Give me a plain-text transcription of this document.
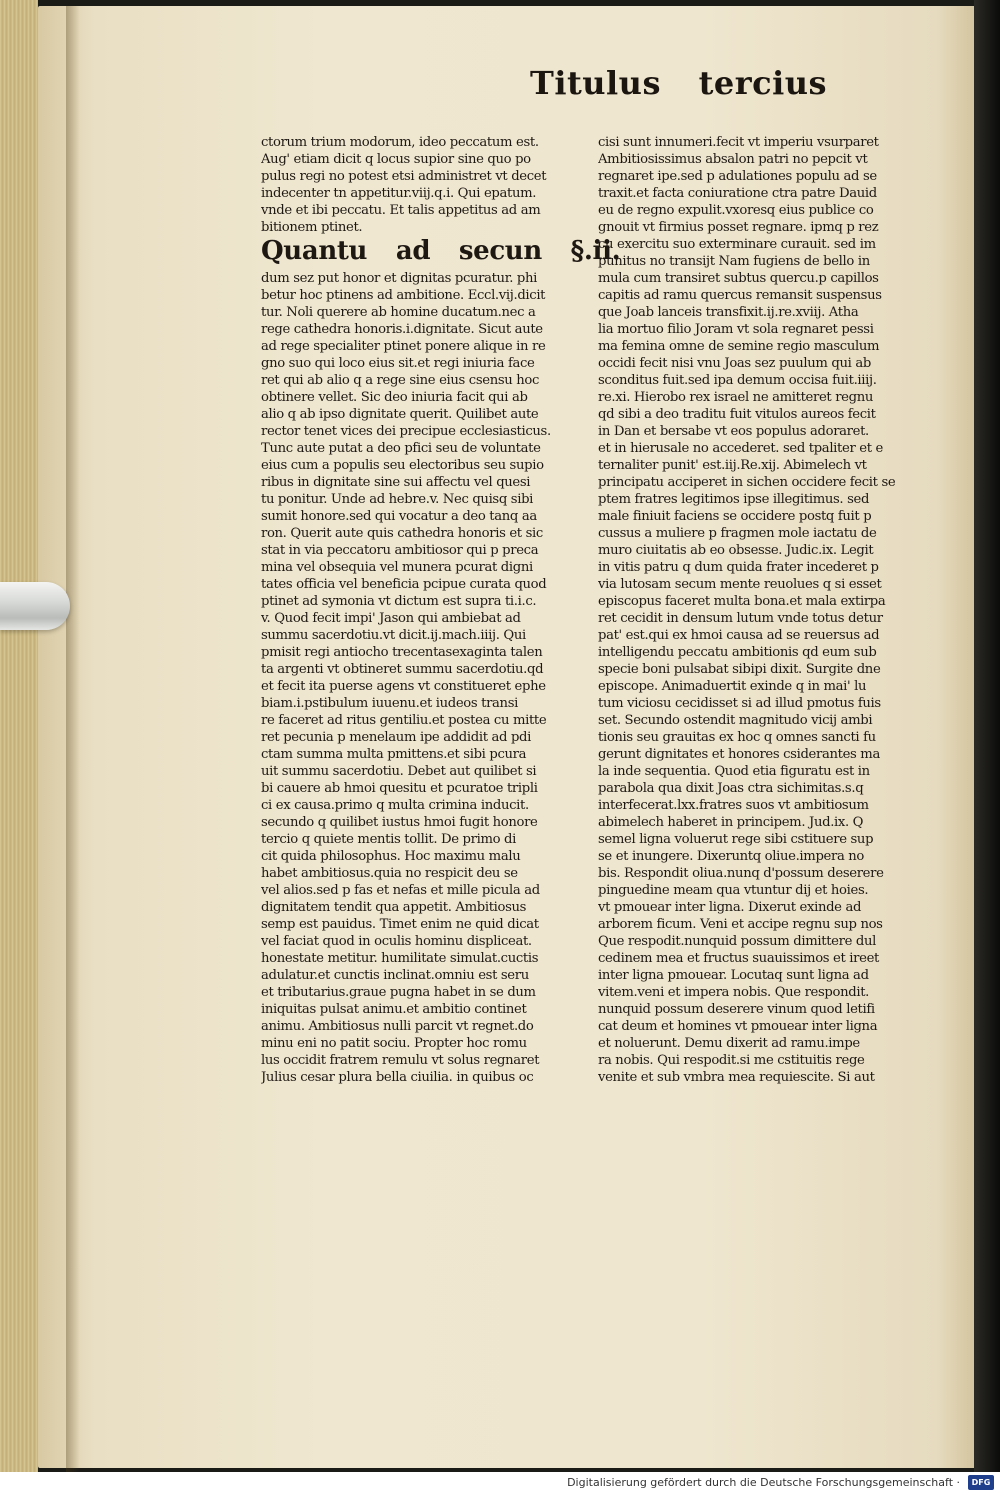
Titulus tercius
ctorum trium modorum, ideo peccatum est.
Aug' etiam dicit q locus supior sine quo po
pulus regi no potest etsi administret vt decet
indecenter tn appetitur.viij.q.i. Qui epatum.
vnde et ibi peccatu. Et talis appetitus ad am
bitionem ptinet.
Quantu ad secun §.ii.
dum sez put honor et dignitas pcuratur. phi
betur hoc ptinens ad ambitione. Eccl.vij.dicit
tur. Noli querere ab homine ducatum.nec a
rege cathedra honoris.i.dignitate. Sicut aute
ad rege specialiter ptinet ponere alique in re
gno suo qui loco eius sit.et regi iniuria face
ret qui ab alio q a rege sine eius csensu hoc
obtinere vellet. Sic deo iniuria facit qui ab
alio q ab ipso dignitate querit. Quilibet aute
rector tenet vices dei precipue ecclesiasticus.
Tunc aute putat a deo pfici seu de voluntate
eius cum a populis seu electoribus seu supio
ribus in dignitate sine sui affectu vel quesi
tu ponitur. Unde ad hebre.v. Nec quisq sibi
sumit honore.sed qui vocatur a deo tanq aa
ron. Querit aute quis cathedra honoris et sic
stat in via peccatoru ambitiosor qui p preca
mina vel obsequia vel munera pcurat digni
tates officia vel beneficia pcipue curata quod
ptinet ad symonia vt dictum est supra ti.i.c.
v. Quod fecit impi' Jason qui ambiebat ad
summu sacerdotiu.vt dicit.ij.mach.iiij. Qui
pmisit regi antiocho trecentasexaginta talen
ta argenti vt obtineret summu sacerdotiu.qd
et fecit ita puerse agens vt constitueret ephe
biam.i.pstibulum iuuenu.et iudeos transi
re faceret ad ritus gentiliu.et postea cu mitte
ret pecunia p menelaum ipe addidit ad pdi
ctam summa multa pmittens.et sibi pcura
uit summu sacerdotiu. Debet aut quilibet si
bi cauere ab hmoi quesitu et pcuratoe tripli
ci ex causa.primo q multa crimina inducit.
secundo q quilibet iustus hmoi fugit honore
tercio q quiete mentis tollit. De primo di
cit quida philosophus. Hoc maximu malu
habet ambitiosus.quia no respicit deu se
vel alios.sed p fas et nefas et mille picula ad
dignitatem tendit qua appetit. Ambitiosus
semp est pauidus. Timet enim ne quid dicat
vel faciat quod in oculis hominu displiceat.
honestate metitur. humilitate simulat.cuctis
adulatur.et cunctis inclinat.omniu est seru
et tributarius.graue pugna habet in se dum
iniquitas pulsat animu.et ambitio continet
animu. Ambitiosus nulli parcit vt regnet.do
minu eni no patit sociu. Propter hoc romu
lus occidit fratrem remulu vt solus regnaret
Julius cesar plura bella ciuilia. in quibus oc
cisi sunt innumeri.fecit vt imperiu vsurparet
Ambitiosissimus absalon patri no pepcit vt
regnaret ipe.sed p adulationes populu ad se
traxit.et facta coniuratione ctra patre Dauid
eu de regno expulit.vxoresq eius publice co
gnouit vt firmius posset regnare. ipmq p rez
cu exercitu suo exterminare curauit. sed im
punitus no transijt Nam fugiens de bello in
mula cum transiret subtus quercu.p capillos
capitis ad ramu quercus remansit suspensus
que Joab lanceis transfixit.ij.re.xviij. Atha
lia mortuo filio Joram vt sola regnaret pessi
ma femina omne de semine regio masculum
occidi fecit nisi vnu Joas sez puulum qui ab
sconditus fuit.sed ipa demum occisa fuit.iiij.
re.xi. Hierobo rex israel ne amitteret regnu
qd sibi a deo traditu fuit vitulos aureos fecit
in Dan et bersabe vt eos populus adoraret.
et in hierusale no accederet. sed tpaliter et e
ternaliter punit' est.iij.Re.xij. Abimelech vt
principatu acciperet in sichen occidere fecit se
ptem fratres legitimos ipse illegitimus. sed
male finiuit faciens se occidere postq fuit p
cussus a muliere p fragmen mole iactatu de
muro ciuitatis ab eo obsesse. Judic.ix. Legit
in vitis patru q dum quida frater incederet p
via lutosam secum mente reuolues q si esset
episcopus faceret multa bona.et mala extirpa
ret cecidit in densum lutum vnde totus detur
pat' est.qui ex hmoi causa ad se reuersus ad
intelligendu peccatu ambitionis qd eum sub
specie boni pulsabat sibipi dixit. Surgite dne
episcope. Animaduertit exinde q in mai' lu
tum viciosu cecidisset si ad illud pmotus fuis
set. Secundo ostendit magnitudo vicij ambi
tionis seu grauitas ex hoc q omnes sancti fu
gerunt dignitates et honores csiderantes ma
la inde sequentia. Quod etia figuratu est in
parabola qua dixit Joas ctra sichimitas.s.q
interfecerat.lxx.fratres suos vt ambitiosum
abimelech haberet in principem. Jud.ix. Q
semel ligna voluerut rege sibi cstituere sup
se et inungere. Dixeruntq oliue.impera no
bis. Respondit oliua.nunq d'possum deserere
pinguedine meam qua vtuntur dij et hoies.
vt pmouear inter ligna. Dixerut exinde ad
arborem ficum. Veni et accipe regnu sup nos
Que respodit.nunquid possum dimittere dul
cedinem mea et fructus suauissimos et ireet
inter ligna pmouear. Locutaq sunt ligna ad
vitem.veni et impera nobis. Que respondit.
nunquid possum deserere vinum quod letifi
cat deum et homines vt pmouear inter ligna
et noluerunt. Demu dixerit ad ramu.impe
ra nobis. Qui respodit.si me cstituitis rege
venite et sub vmbra mea requiescite. Si aut
Digitalisierung gefördert durch die Deutsche Forschungsgemeinschaft ·	DFG
